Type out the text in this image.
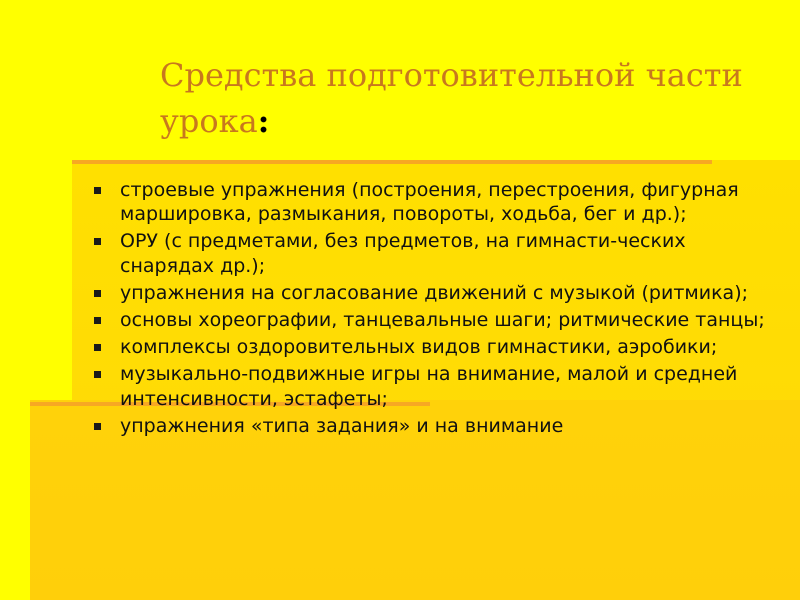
Средства подготовительной части урока:
строевые упражнения (построения, перестроения, фигурная маршировка, размыкания, повороты, ходьба, бег и др.);
ОРУ (с предметами, без предметов, на гимнасти-ческих снарядах др.);
упражнения на согласование движений с музыкой (ритмика);
основы хореографии, танцевальные шаги; ритмические танцы;
комплексы оздоровительных видов гимнастики, аэробики;
музыкально-подвижные игры на внимание, малой и средней интенсивности, эстафеты;
упражнения «типа задания» и на внимание
